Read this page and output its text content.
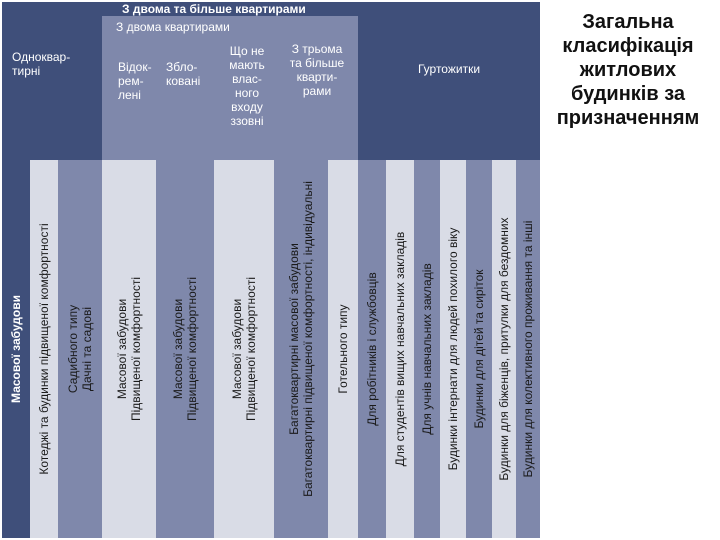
Одноквар-
тирні
З двома та більше квартирами
З двома квартирами
Відок-
рем-
лені
Збло-
ковані
Що не
мають
влас-
ного
входу
ззовні
З трьома
та більше
кварти-
рами
Гуртожитки
Масової забудови Котеджі та будинки підвищеної комфортності Садибного типу Дачні та садові Масової забудови Підвищеної комфортності Масової забудови Підвищеної комфортності	Масової забудови Підвищеної комфортності Багатоквартирні масової забудови Багатоквартирні підвищеної комфортності, індивідуальні Готельного типу Для робітників і службовців Для студентів вищих навчальних закладів Для учнів навчальних закладів Будинки інтернати для людей похилого віку Будинки для дітей та сиріток Будинки для біженців, притулки для бездомних Будинки для колективного проживання та інші
Загальна
класифікація
житлових
будинків за
призначенням
